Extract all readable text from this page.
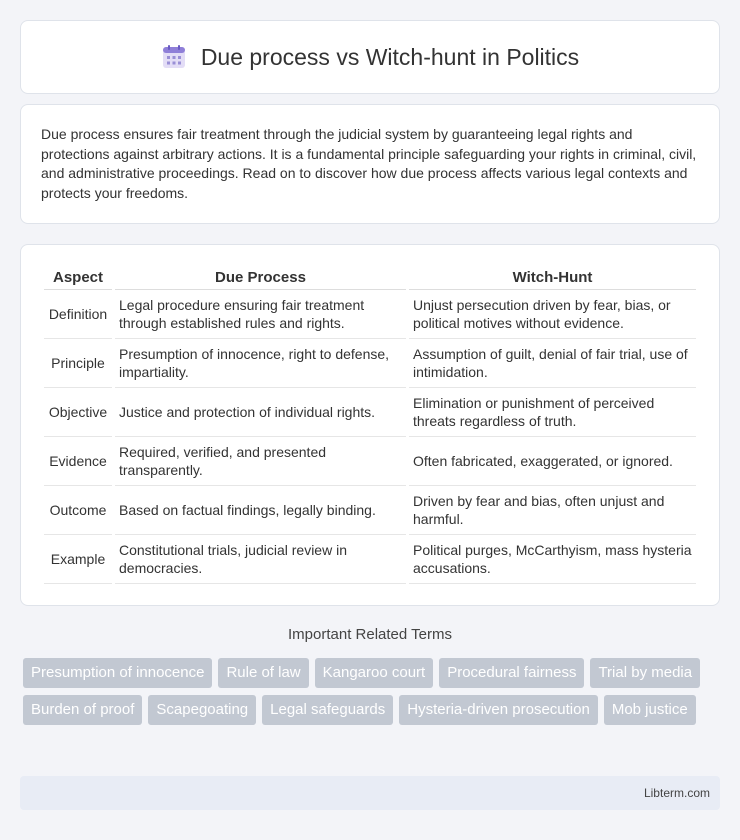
Due process vs Witch-hunt in Politics

Due process ensures fair treatment through the judicial system by guaranteeing legal rights and protections against arbitrary actions. It is a fundamental principle safeguarding your rights in criminal, civil, and administrative proceedings. Read on to discover how due process affects various legal contexts and protects your freedoms.

Aspect	Due Process	Witch-Hunt
Definition	Legal procedure ensuring fair treatment through established rules and rights.	Unjust persecution driven by fear, bias, or political motives without evidence.
Principle	Presumption of innocence, right to defense, impartiality.	Assumption of guilt, denial of fair trial, use of intimidation.
Objective	Justice and protection of individual rights.	Elimination or punishment of perceived threats regardless of truth.
Evidence	Required, verified, and presented transparently.	Often fabricated, exaggerated, or ignored.
Outcome	Based on factual findings, legally binding.	Driven by fear and bias, often unjust and harmful.
Example	Constitutional trials, judicial review in democracies.	Political purges, McCarthyism, mass hysteria accusations.
Important Related Terms
Presumption of innocence	Rule of law	Kangaroo court	Procedural fairness	Trial by media
Burden of proof	Scapegoating	Legal safeguards	Hysteria-driven prosecution	Mob justice
Libterm.com
